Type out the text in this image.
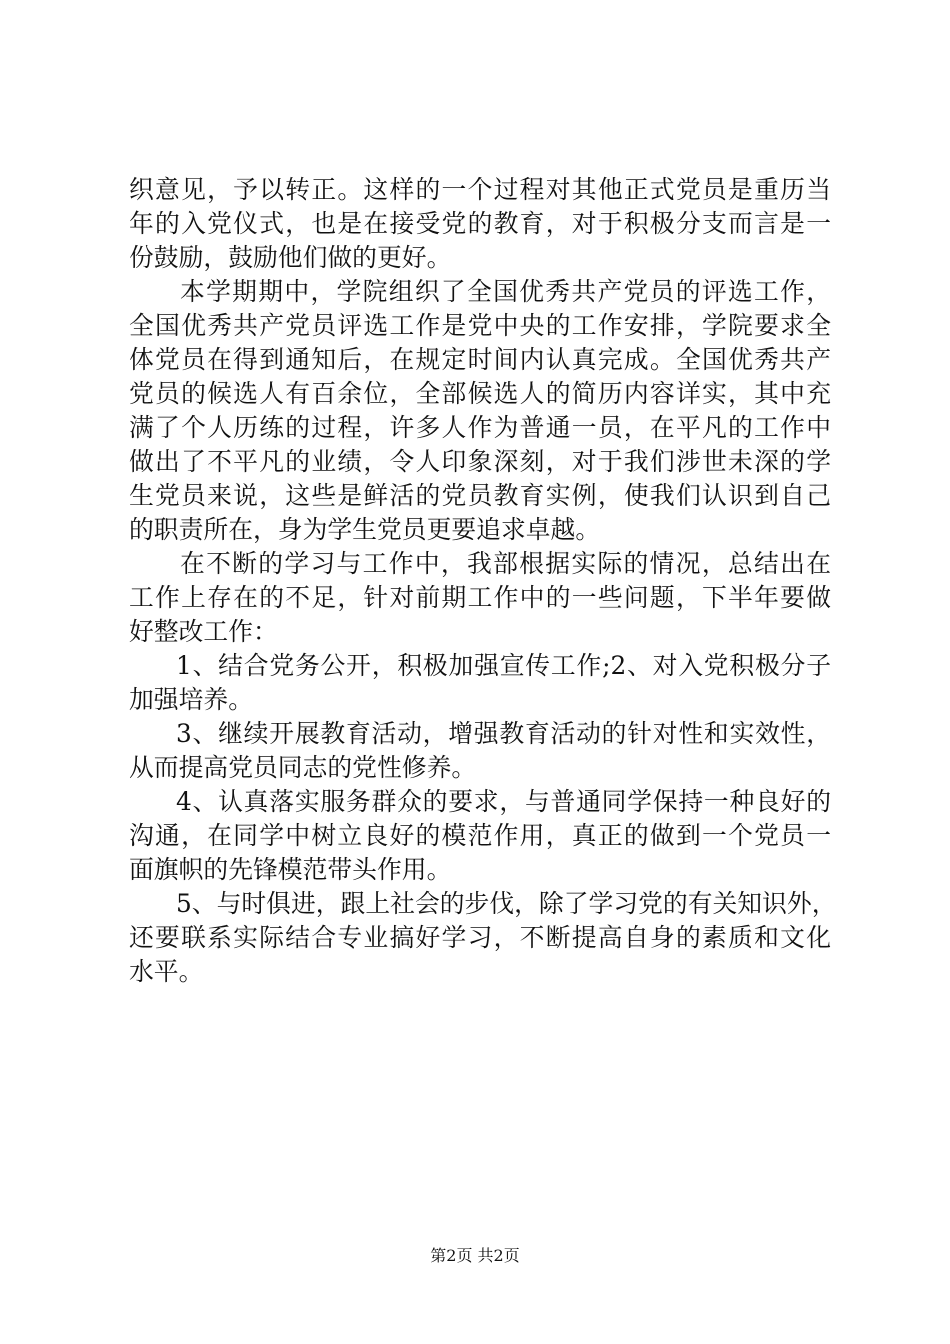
织意见，予以转正。这样的一个过程对其他正式党员是重历当
年的入党仪式，也是在接受党的教育，对于积极分支而言是一
份鼓励，鼓励他们做的更好。
本学期期中，学院组织了全国优秀共产党员的评选工作，
全国优秀共产党员评选工作是党中央的工作安排，学院要求全
体党员在得到通知后，在规定时间内认真完成。全国优秀共产
党员的候选人有百余位，全部候选人的简历内容详实，其中充
满了个人历练的过程，许多人作为普通一员，在平凡的工作中
做出了不平凡的业绩，令人印象深刻，对于我们涉世未深的学
生党员来说，这些是鲜活的党员教育实例，使我们认识到自己
的职责所在，身为学生党员更要追求卓越。
在不断的学习与工作中，我部根据实际的情况，总结出在
工作上存在的不足，针对前期工作中的一些问题，下半年要做
好整改工作：
1、结合党务公开，积极加强宣传工作;2、对入党积极分子
加强培养。
3、继续开展教育活动，增强教育活动的针对性和实效性，
从而提高党员同志的党性修养。
4、认真落实服务群众的要求，与普通同学保持一种良好的
沟通，在同学中树立良好的模范作用，真正的做到一个党员一
面旗帜的先锋模范带头作用。
5、与时俱进，跟上社会的步伐，除了学习党的有关知识外，
还要联系实际结合专业搞好学习，不断提高自身的素质和文化
水平。
第2页 共2页
